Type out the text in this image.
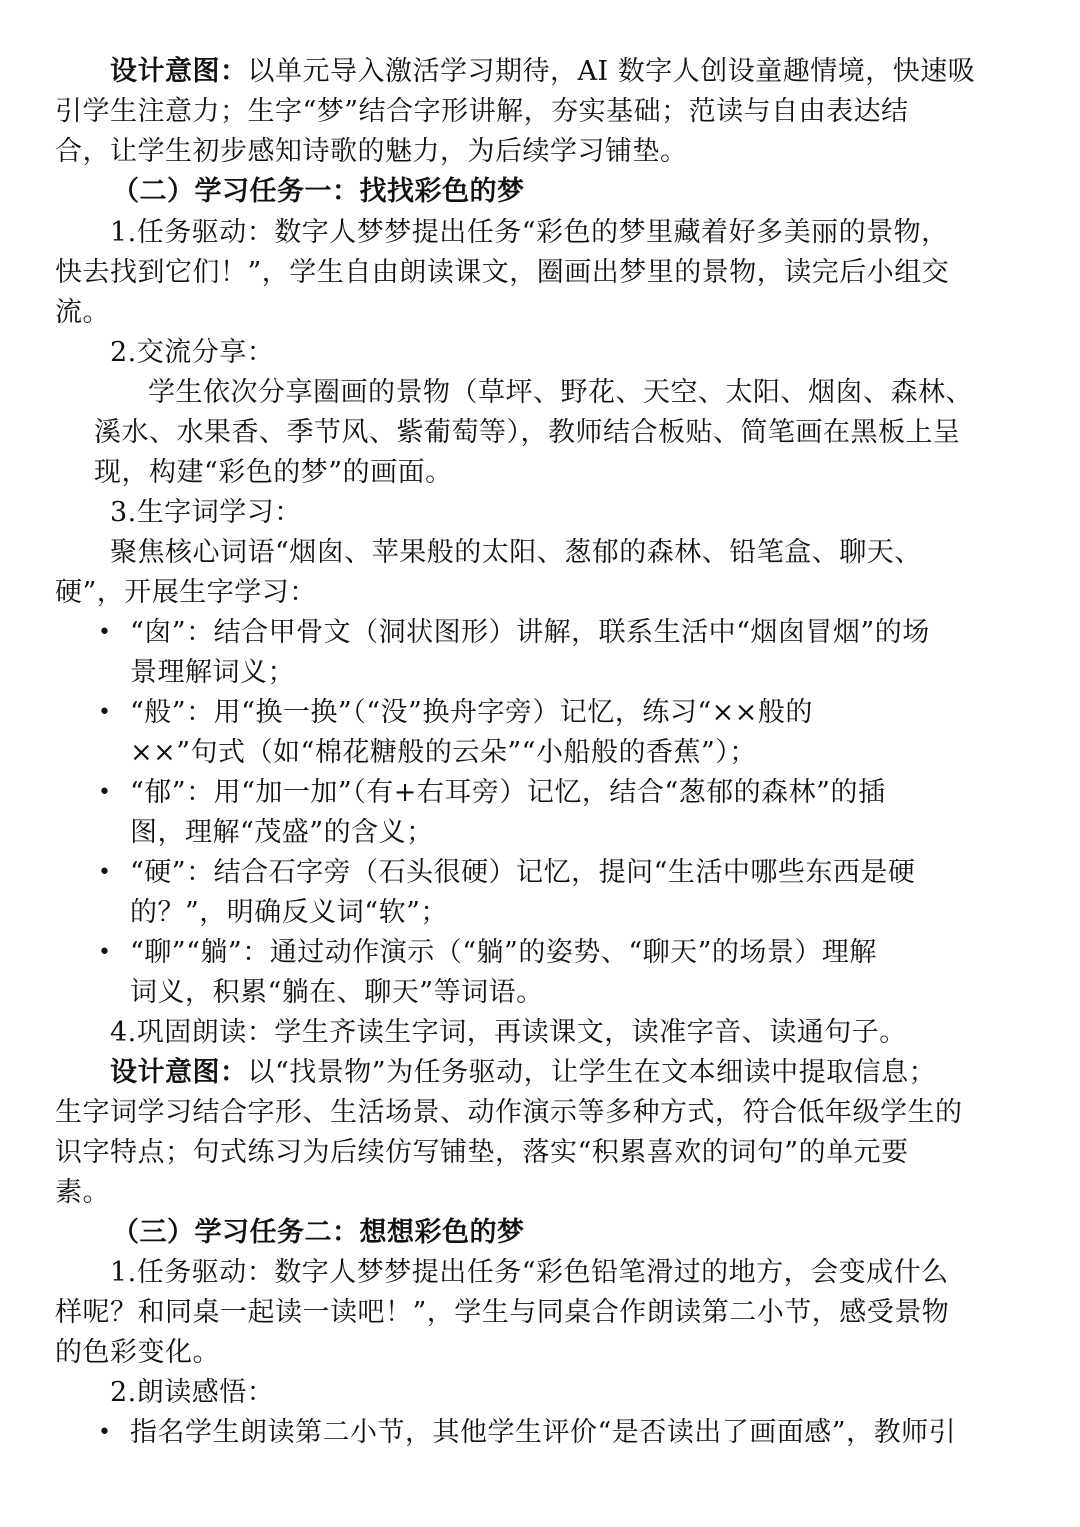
设计意图：以单元导入激活学习期待，AI 数字人创设童趣情境，快速吸
引学生注意力；生字“梦”结合字形讲解，夯实基础；范读与自由表达结
合，让学生初步感知诗歌的魅力，为后续学习铺垫。
（二）学习任务一：找找彩色的梦
1.任务驱动：数字人梦梦提出任务“彩色的梦里藏着好多美丽的景物，
快去找到它们！”，学生自由朗读课文，圈画出梦里的景物，读完后小组交
流。
2.交流分享：
学生依次分享圈画的景物（草坪、野花、天空、太阳、烟囱、森林、
溪水、水果香、季节风、紫葡萄等），教师结合板贴、简笔画在黑板上呈
现，构建“彩色的梦”的画面。
3.生字词学习：
聚焦核心词语“烟囱、苹果般的太阳、葱郁的森林、铅笔盒、聊天、
硬”，开展生字学习：
• “囱”：结合甲骨文（洞状图形）讲解，联系生活中“烟囱冒烟”的场
景理解词义；
• “般”：用“换一换”（“没”换舟字旁）记忆，练习“××般的
××”句式（如“棉花糖般的云朵”“小船般的香蕉”）；
• “郁”：用“加一加”（有+右耳旁）记忆，结合“葱郁的森林”的插
图，理解“茂盛”的含义；
• “硬”：结合石字旁（石头很硬）记忆，提问“生活中哪些东西是硬
的？”，明确反义词“软”；
• “聊”“躺”：通过动作演示（“躺”的姿势、“聊天”的场景）理解
词义，积累“躺在、聊天”等词语。
4.巩固朗读：学生齐读生字词，再读课文，读准字音、读通句子。
设计意图：以“找景物”为任务驱动，让学生在文本细读中提取信息；
生字词学习结合字形、生活场景、动作演示等多种方式，符合低年级学生的
识字特点；句式练习为后续仿写铺垫，落实“积累喜欢的词句”的单元要
素。
（三）学习任务二：想想彩色的梦
1.任务驱动：数字人梦梦提出任务“彩色铅笔滑过的地方，会变成什么
样呢？和同桌一起读一读吧！”，学生与同桌合作朗读第二小节，感受景物
的色彩变化。
2.朗读感悟：
• 指名学生朗读第二小节，其他学生评价“是否读出了画面感”，教师引
